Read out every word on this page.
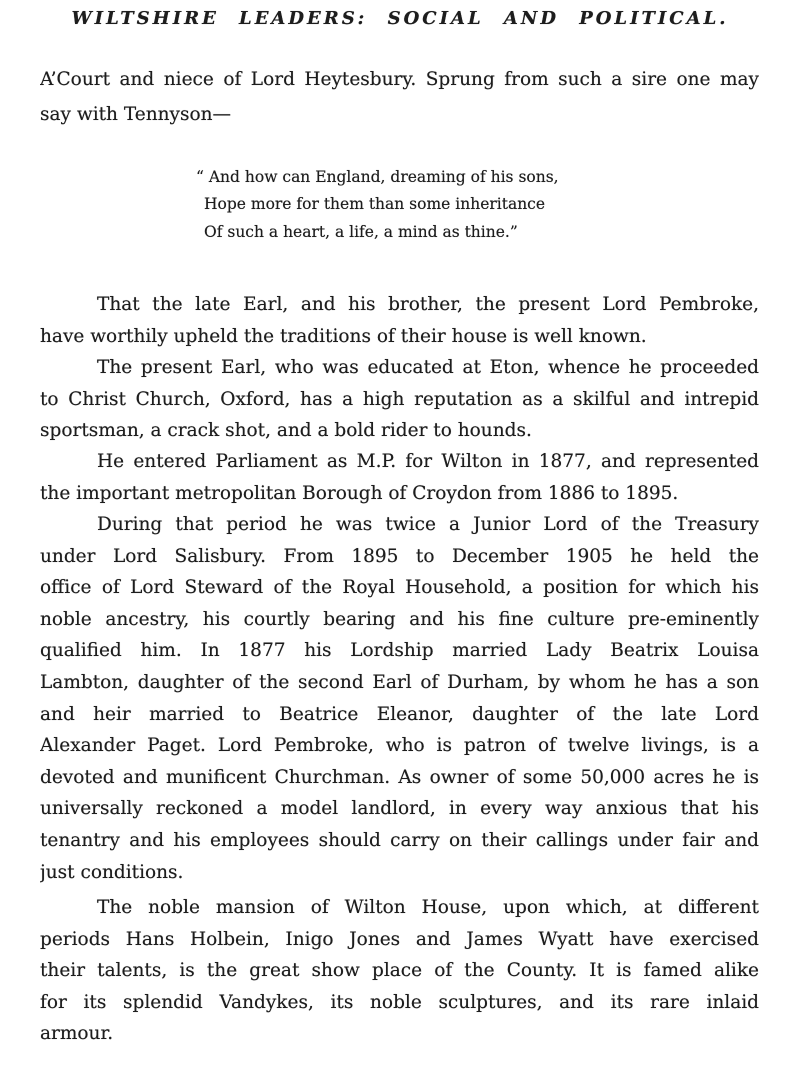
WILTSHIRE LEADERS: SOCIAL AND POLITICAL.
A’Court and niece of Lord Heytesbury. Sprung from such a sire one may
say with Tennyson—
“ And how can England, dreaming of his sons,
Hope more for them than some inheritance
Of such a heart, a life, a mind as thine.”
That the late Earl, and his brother, the present Lord Pembroke,
have worthily upheld the traditions of their house is well known.
The present Earl, who was educated at Eton, whence he proceeded
to Christ Church, Oxford, has a high reputation as a skilful and intrepid
sportsman, a crack shot, and a bold rider to hounds.
He entered Parliament as M.P. for Wilton in 1877, and represented
the important metropolitan Borough of Croydon from 1886 to 1895.
During that period he was twice a Junior Lord of the Treasury
under Lord Salisbury. From 1895 to December 1905 he held the
office of Lord Steward of the Royal Household, a position for which his
noble ancestry, his courtly bearing and his fine culture pre-eminently
qualified him. In 1877 his Lordship married Lady Beatrix Louisa
Lambton, daughter of the second Earl of Durham, by whom he has a son
and heir married to Beatrice Eleanor, daughter of the late Lord
Alexander Paget. Lord Pembroke, who is patron of twelve livings, is a
devoted and munificent Churchman. As owner of some 50,000 acres he is
universally reckoned a model landlord, in every way anxious that his
tenantry and his employees should carry on their callings under fair and
just conditions.
The noble mansion of Wilton House, upon which, at different
periods Hans Holbein, Inigo Jones and James Wyatt have exercised
their talents, is the great show place of the County. It is famed alike
for its splendid Vandykes, its noble sculptures, and its rare inlaid
armour.
